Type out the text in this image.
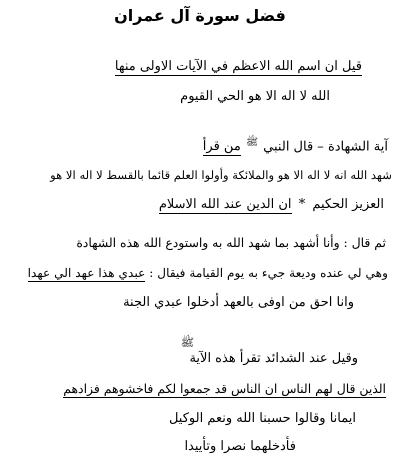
فضل سورة آل عمران
قيل ان اسم الله الاعظم في الآيات الاولى منها
الله لا اله الا هو الحي القيوم
آية الشهادة – قال النبي $^ﷺ$ من قرأ
شهد الله انه لا اله الا هو والملائكة وأولوا العلم قائما بالقسط لا اله الا هو
العزيز الحكيم * ان الدين عند الله الاسلام
ثم قال : وأنا أشهد بما شهد الله به واستودع الله هذه الشهادة
وهي لي عنده وديعة جيء به يوم القيامة فيقال : عبدي هذا عهد الي عهدا
وانا احق من اوفى بالعهد أدخلوا عبدي الجنة
ﷺ
وقيل عند الشدائد تقرأ هذه الآية
الذين قال لهم الناس ان الناس قد جمعوا لكم فاخشوهم فزادهم
ايمانا وقالوا حسبنا الله ونعم الوكيل
فأدخلهما نصرا وتأييدا
